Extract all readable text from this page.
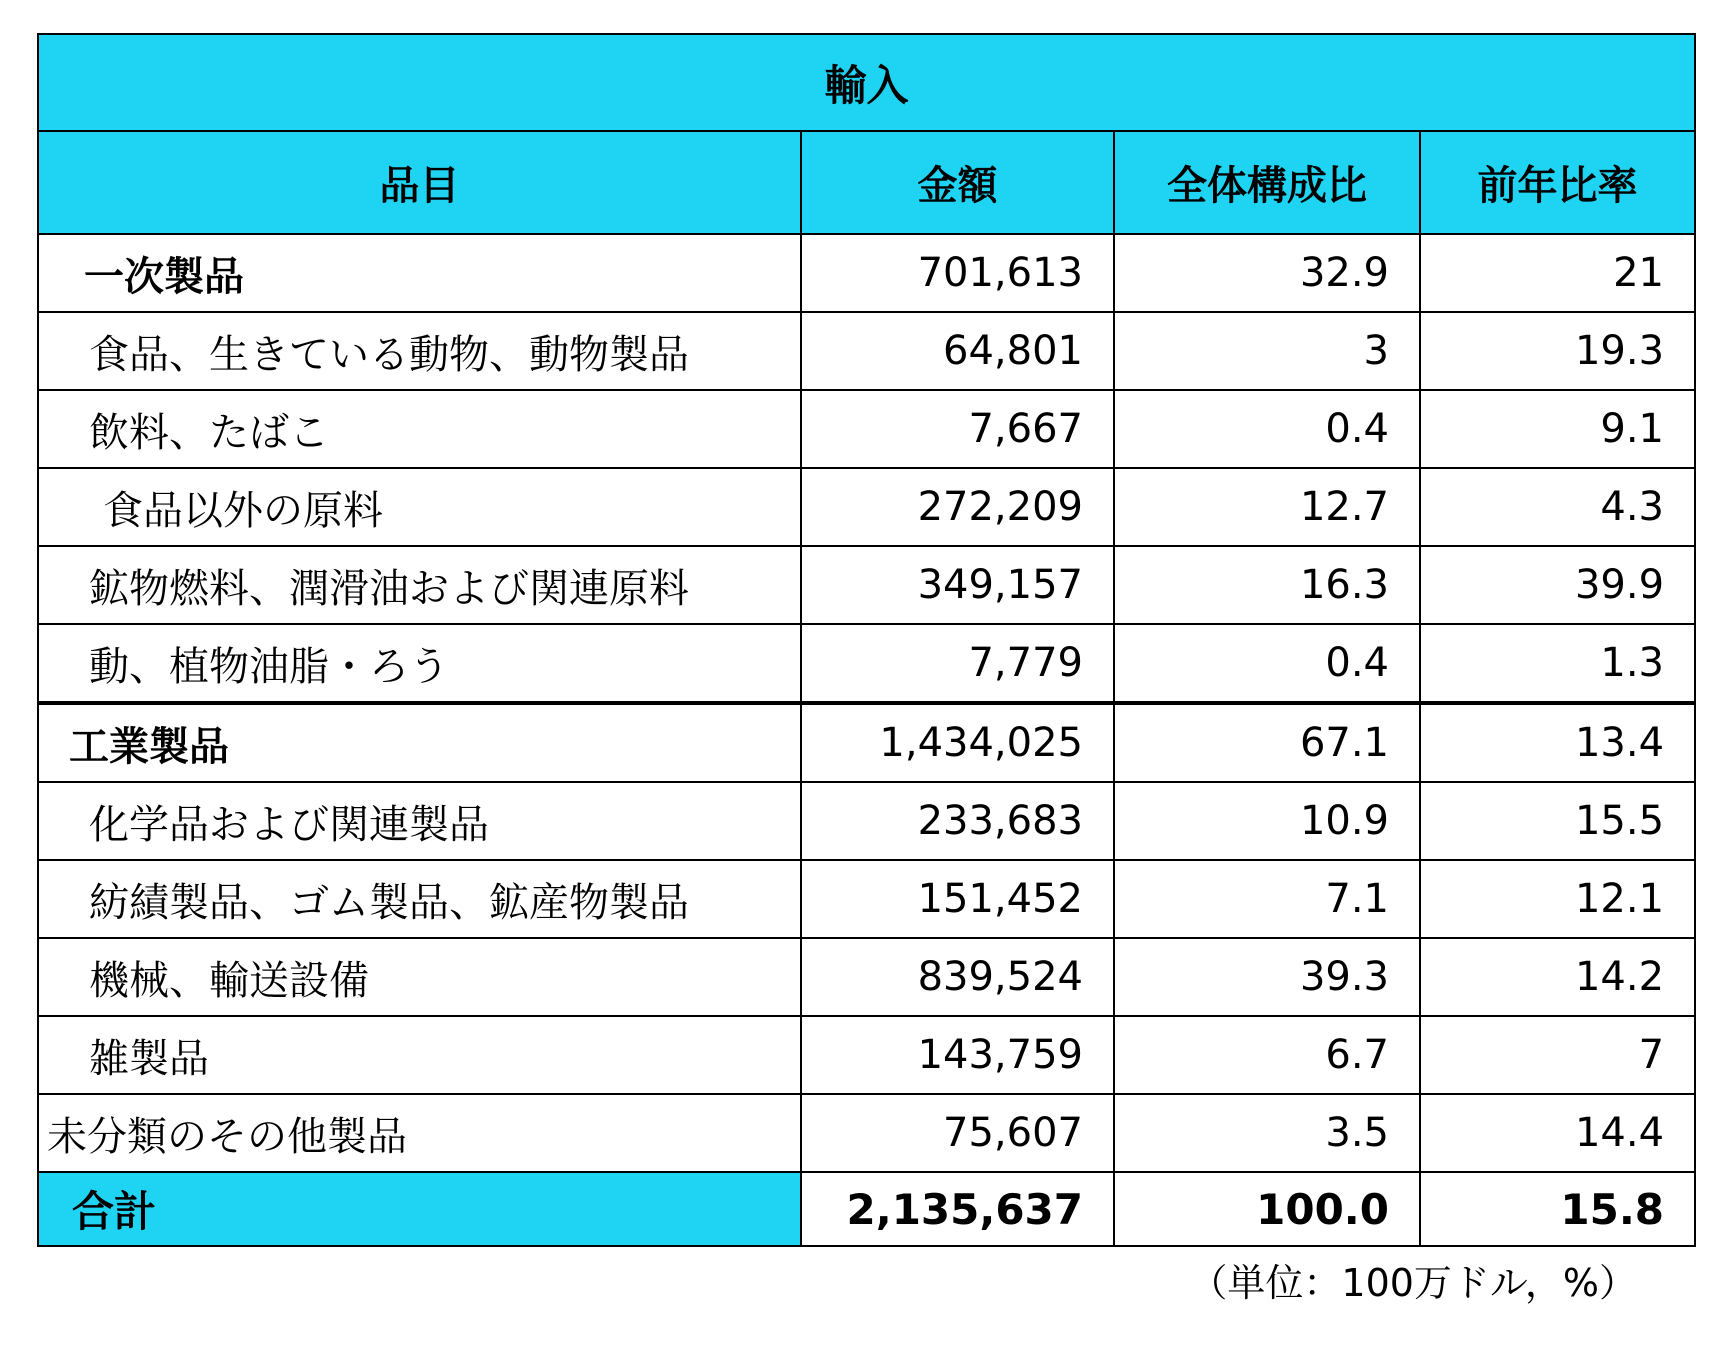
輸入			
品目	金額	全体構成比	前年比率
一次製品	701,613	32.9	21
食品、生きている動物、動物製品	64,801	3	19.3
飲料、たばこ	7,667	0.4	9.1
食品以外の原料	272,209	12.7	4.3
鉱物燃料、潤滑油および関連原料	349,157	16.3	39.9
動、植物油脂・ろう	7,779	0.4	1.3
工業製品	1,434,025	67.1	13.4
化学品および関連製品	233,683	10.9	15.5
紡績製品、ゴム製品、鉱産物製品	151,452	7.1	12.1
機械、輸送設備	839,524	39.3	14.2
雑製品	143,759	6.7	7
未分類のその他製品	75,607	3.5	14.4
合計	2,135,637	100.0	15.8
（単位：100万ドル，%）
